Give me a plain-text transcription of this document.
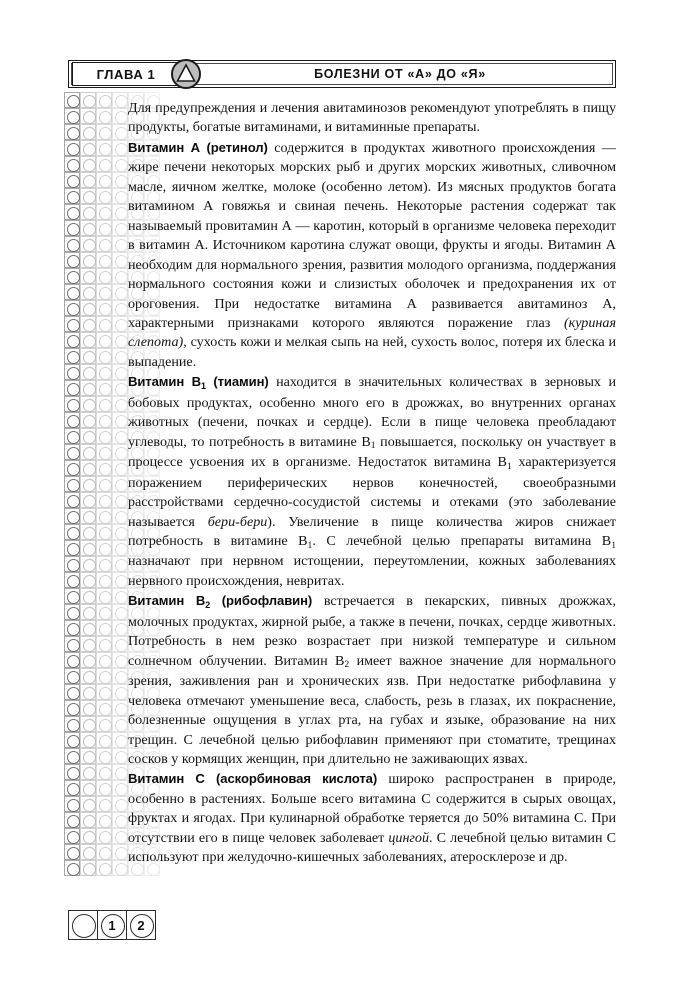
ГЛАВА 1	БОЛЕЗНИ ОТ «А» ДО «Я»

Для предупреждения и лечения авитаминозов рекомендуют употреблять в пищу продукты, богатые витаминами, и витаминные препараты.

Витамин А (ретинол) содержится в продуктах животного происхождения — жире печени некоторых морских рыб и других морских животных, сливочном масле, яичном желтке, молоке (особенно летом). Из мясных продуктов богата витамином А говяжья и свиная печень. Некоторые растения содержат так называемый провитамин А — каротин, который в организме человека переходит в витамин А. Источником каротина служат овощи, фрукты и ягоды. Витамин А необходим для нормального зрения, развития молодого организма, поддержания нормального состояния кожи и слизистых оболочек и предохранения их от ороговения. При недостатке витамина А развивается авитаминоз А, характерными признаками которого являются поражение глаз (куриная слепота), сухость кожи и мелкая сыпь на ней, сухость волос, потеря их блеска и выпадение.

Витамин $В_1$ (тиамин) находится в значительных количествах в зерновых и бобовых продуктах, особенно много его в дрожжах, во внутренних органах животных (печени, почках и сердце). Если в пище человека преобладают углеводы, то потребность в витамине $В_1$ повышается, поскольку он участвует в процессе усвоения их в организме. Недостаток витамина $В_1$ характеризуется поражением периферических нервов конечностей, своеобразными расстройствами сердечно-сосудистой системы и отеками (это заболевание называется бери-бери). Увеличение в пище количества жиров снижает потребность в витамине $В_1$. С лечебной целью препараты витамина $В_1$ назначают при нервном истощении, переутомлении, кожных заболеваниях нервного происхождения, невритах.

Витамин $В_2$ (рибофлавин) встречается в пекарских, пивных дрожжах, молочных продуктах, жирной рыбе, а также в печени, почках, сердце животных. Потребность в нем резко возрастает при низкой температуре и сильном солнечном облучении. Витамин $В_2$ имеет важное значение для нормального зрения, заживления ран и хронических язв. При недостатке рибофлавина у человека отмечают уменьшение веса, слабость, резь в глазах, их покраснение, болезненные ощущения в углах рта, на губах и языке, образование на них трещин. С лечебной целью рибофлавин применяют при стоматите, трещинах сосков у кормящих женщин, при длительно не заживающих язвах.

Витамин С (аскорбиновая кислота) широко распространен в природе, особенно в растениях. Больше всего витамина С содержится в сырых овощах, фруктах и ягодах. При кулинарной обработке теряется до 50% витамина С. При отсутствии его в пище человек заболевает цингой. С лечебной целью витамин С используют при желудочно-кишечных заболеваниях, атеросклерозе и др.

1 2
